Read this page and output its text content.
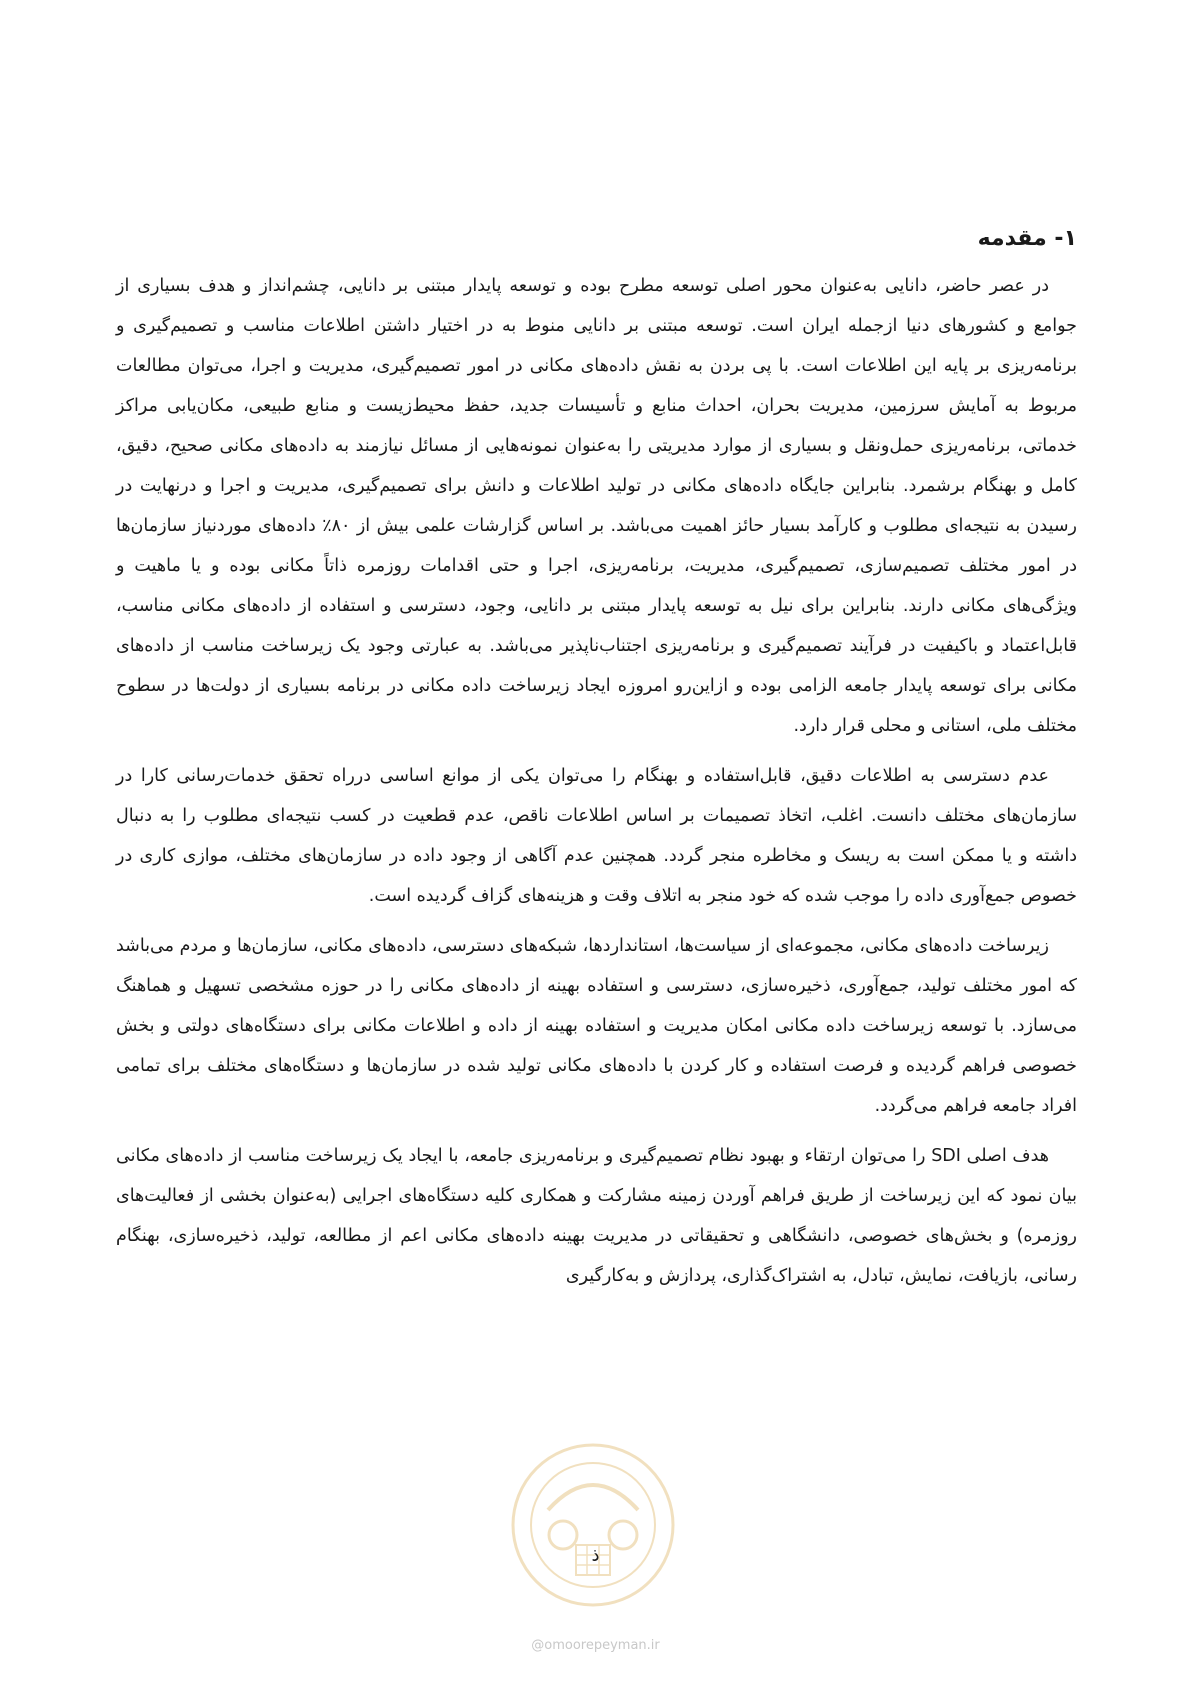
۱- مقدمه

در عصر حاضر، دانایی به‌عنوان محور اصلی توسعه مطرح بوده و توسعه پایدار مبتنی بر دانایی، چشم‌انداز و هدف بسیاری از جوامع و کشورهای دنیا ازجمله ایران است. توسعه مبتنی بر دانایی منوط به در اختیار داشتن اطلاعات مناسب و تصمیم‌گیری و برنامه‌ریزی بر پایه این اطلاعات است. با پی بردن به نقش داده‌های مکانی در امور تصمیم‌گیری، مدیریت و اجرا، می‌توان مطالعات مربوط به آمایش سرزمین، مدیریت بحران، احداث منابع و تأسیسات جدید، حفظ محیط‌زیست و منابع طبیعی، مکان‌یابی مراکز خدماتی، برنامه‌ریزی حمل‌ونقل و بسیاری از موارد مدیریتی را به‌عنوان نمونه‌هایی از مسائل نیازمند به داده‌های مکانی صحیح، دقیق، کامل و بهنگام برشمرد. بنابراین جایگاه داده‌های مکانی در تولید اطلاعات و دانش برای تصمیم‌گیری، مدیریت و اجرا و درنهایت در رسیدن به نتیجه‌ای مطلوب و کارآمد بسیار حائز اهمیت می‌باشد. بر اساس گزارشات علمی بیش از ۸۰٪ داده‌های موردنیاز سازمان‌ها در امور مختلف تصمیم‌سازی، تصمیم‌گیری، مدیریت، برنامه‌ریزی، اجرا و حتی اقدامات روزمره ذاتاً مکانی بوده و یا ماهیت و ویژگی‌های مکانی دارند. بنابراین برای نیل به توسعه پایدار مبتنی بر دانایی، وجود، دسترسی و استفاده از داده‌های مکانی مناسب، قابل‌اعتماد و باکیفیت در فرآیند تصمیم‌گیری و برنامه‌ریزی اجتناب‌ناپذیر می‌باشد. به عبارتی وجود یک زیرساخت مناسب از داده‌های مکانی برای توسعه پایدار جامعه الزامی بوده و ازاین‌رو امروزه ایجاد زیرساخت داده مکانی در برنامه بسیاری از دولت‌ها در سطوح مختلف ملی، استانی و محلی قرار دارد.

عدم دسترسی به اطلاعات دقیق، قابل‌استفاده و بهنگام را می‌توان یکی از موانع اساسی درراه تحقق خدمات‌رسانی کارا در سازمان‌های مختلف دانست. اغلب، اتخاذ تصمیمات بر اساس اطلاعات ناقص، عدم قطعیت در کسب نتیجه‌ای مطلوب را به دنبال داشته و یا ممکن است به ریسک و مخاطره منجر گردد. همچنین عدم آگاهی از وجود داده در سازمان‌های مختلف، موازی کاری در خصوص جمع‌آوری داده را موجب شده که خود منجر به اتلاف وقت و هزینه‌های گزاف گردیده است.

زیرساخت داده‌های مکانی، مجموعه‌ای از سیاست‌ها، استانداردها، شبکه‌های دسترسی، داده‌های مکانی، سازمان‌ها و مردم می‌باشد که امور مختلف تولید، جمع‌آوری، ذخیره‌سازی، دسترسی و استفاده بهینه از داده‌های مکانی را در حوزه مشخصی تسهیل و هماهنگ می‌سازد. با توسعه زیرساخت داده مکانی امکان مدیریت و استفاده بهینه از داده و اطلاعات مکانی برای دستگاه‌های دولتی و بخش خصوصی فراهم گردیده و فرصت استفاده و کار کردن با داده‌های مکانی تولید شده در سازمان‌ها و دستگاه‌های مختلف برای تمامی افراد جامعه فراهم می‌گردد.

هدف اصلی SDI را می‌توان ارتقاء و بهبود نظام تصمیم‌گیری و برنامه‌ریزی جامعه، با ایجاد یک زیرساخت مناسب از داده‌های مکانی بیان نمود که این زیرساخت از طریق فراهم آوردن زمینه مشارکت و همکاری کلیه دستگاه‌های اجرایی (به‌عنوان بخشی از فعالیت‌های روزمره) و بخش‌های خصوصی، دانشگاهی و تحقیقاتی در مدیریت بهینه داده‌های مکانی اعم از مطالعه، تولید، ذخیره‌سازی، بهنگام رسانی، بازیافت، نمایش، تبادل، به اشتراک‌گذاری، پردازش و به‌کارگیری

ذ
@omoorepeyman.ir
